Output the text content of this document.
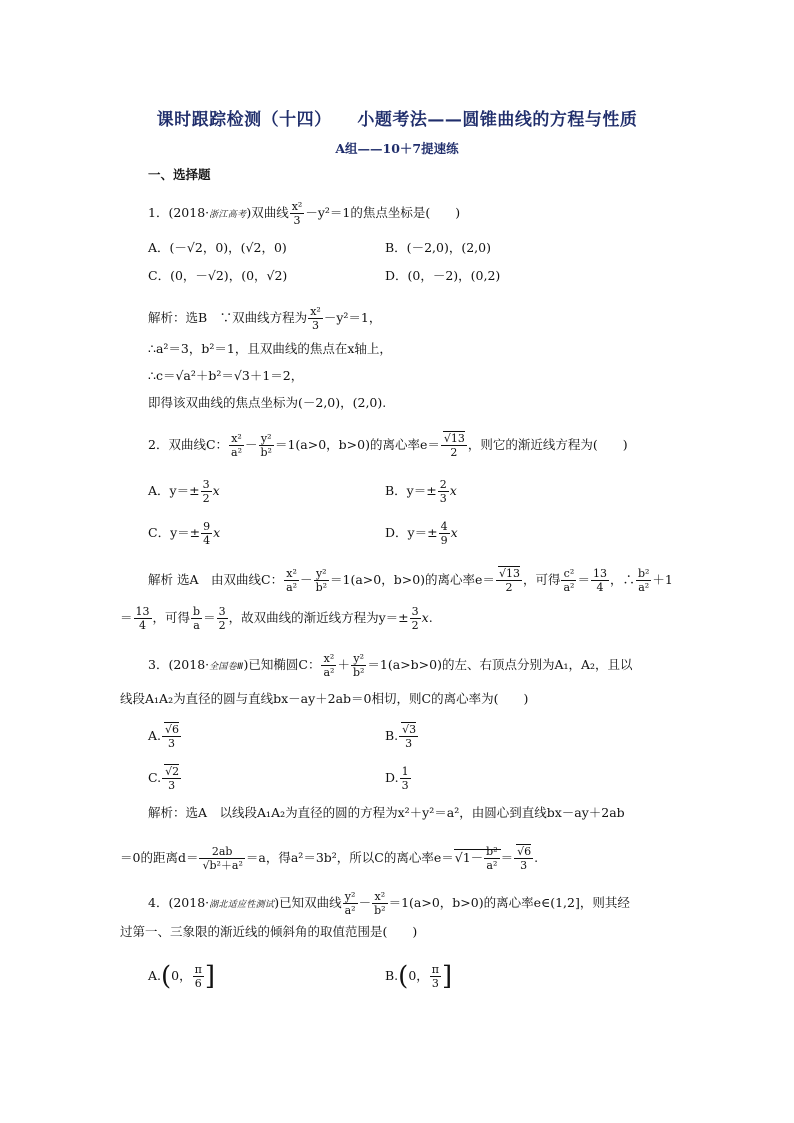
课时跟踪检测（十四）    小题考法——圆锥曲线的方程与性质
A组——10＋7提速练
一、选择题
1．(2018·浙江高考)双曲线 $\frac{\text{x²}}{3} -y^2=1$的焦点坐标是(　　)
A．(－√2，0)，(√2，0)	B．(－2,0)，(2,0)
C．(0，－√2)，(0，√2)	D．(0，－2)，(0,2)
解析：选B　∵双曲线方程为 $\frac{\text{x²}}{3} -y^2=1$，
∴a²＝3，b²＝1，且双曲线的焦点在x轴上，
∴c＝√a²＋b²＝√3＋1＝2，
即得该双曲线的焦点坐标为(－2,0)，(2,0).
2．双曲线C： $\frac{\text{x²}}{\text{a²}} - \frac{\text{y²}}{\text{b²}} =1(a>0$，b>0)的离心率$e= \frac{√13}{2}$ ，则它的渐近线方程为(　　)
A．$y=\pm \frac{3}{2}$ x	B．$y=\pm \frac{2}{3}$ x
C．$y=\pm \frac{9}{4}$ x	D．$y=\pm \frac{4}{9}$ x
解析 选A　由双曲线C： $\frac{\text{x²}}{\text{a²}} - \frac{\text{y²}}{\text{b²}} =1(a>0$，b>0)的离心率$e= \frac{√13}{2}$ ，可得 $\frac{\text{c²}}{\text{a²}} = \frac{13}{4}$ ，∴ $\frac{\text{b²}}{\text{a²}} +1$
＝ $\frac{13}{4}$ ，可得 $\frac{b}{a} = \frac{3}{2}$ ，故双曲线的渐近线方程为$y=\pm \frac{3}{2} x$.
3．(2018·全国卷Ⅲ)已知椭圆C： $\frac{\text{x²}}{\text{a²}} + \frac{\text{y²}}{\text{b²}} =1(a>b>0)$的左、右顶点分别为A₁，A₂，且以
线段A₁A₂为直径的圆与直线bx－ay＋2ab＝0相切，则C的离心率为(　　)
A. $\frac{√6}{3}$	B. $\frac{√3}{3}$
C. $\frac{√2}{3}$	D. $\frac{1}{3}$
解析：选A　以线段A₁A₂为直径的圆的方程为x²＋y²＝a²，由圆心到直线bx－ay＋2ab
＝0的距离$d= \frac{2ab}{\text{√b²＋a²}} =a$，得a²＝3b²，所以C的离心率$e=√1- \frac{\text{b²}}{\text{a²}} = \frac{√6}{3}$ .
4．(2018·湖北适应性测试)已知双曲线 $\frac{\text{y²}}{\text{a²}} - \frac{\text{x²}}{\text{b²}} =1(a>0$，b>0)的离心率e∈(1,2]，则其经
过第一、三象限的渐近线的倾斜角的取值范围是(　　)
A.(0， $\frac{\pi}{6}$ ]	B.(0， $\frac{\pi}{3}$ ]
